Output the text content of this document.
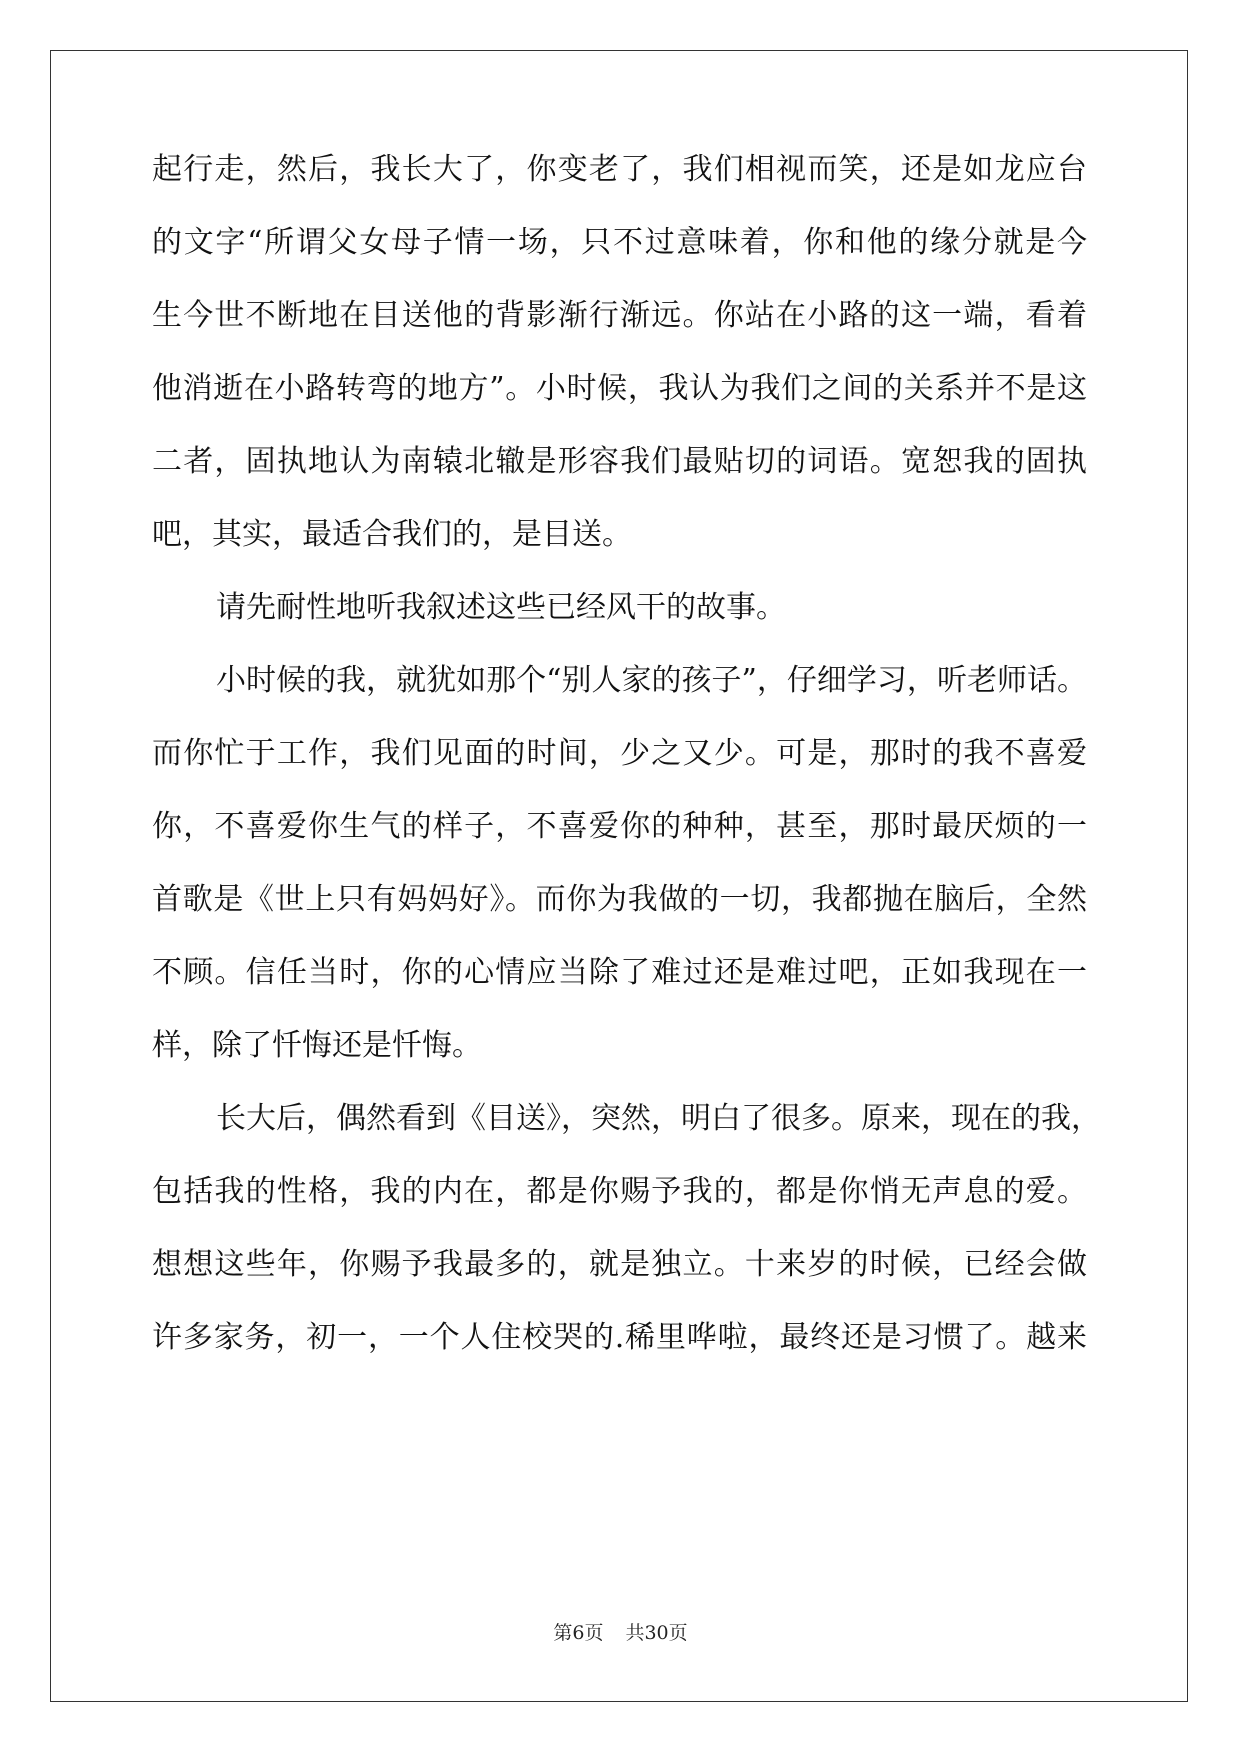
起行走，然后，我长大了，你变老了，我们相视而笑，还是如龙应台
的文字“所谓父女母子情一场，只不过意味着，你和他的缘分就是今
生今世不断地在目送他的背影渐行渐远。你站在小路的这一端，看着
他消逝在小路转弯的地方”。小时候，我认为我们之间的关系并不是这
二者，固执地认为南辕北辙是形容我们最贴切的词语。宽恕我的固执
吧，其实，最适合我们的，是目送。
请先耐性地听我叙述这些已经风干的故事。
小时候的我，就犹如那个“别人家的孩子”，仔细学习，听老师话。
而你忙于工作，我们见面的时间，少之又少。可是，那时的我不喜爱
你，不喜爱你生气的样子，不喜爱你的种种，甚至，那时最厌烦的一
首歌是《世上只有妈妈好》。而你为我做的一切，我都抛在脑后，全然
不顾。信任当时，你的心情应当除了难过还是难过吧，正如我现在一
样，除了忏悔还是忏悔。
长大后，偶然看到《目送》，突然，明白了很多。原来，现在的我，
包括我的性格，我的内在，都是你赐予我的，都是你悄无声息的爱。
想想这些年，你赐予我最多的，就是独立。十来岁的时候，已经会做
许多家务，初一，一个人住校哭的.稀里哗啦，最终还是习惯了。越来
第6页 共30页
